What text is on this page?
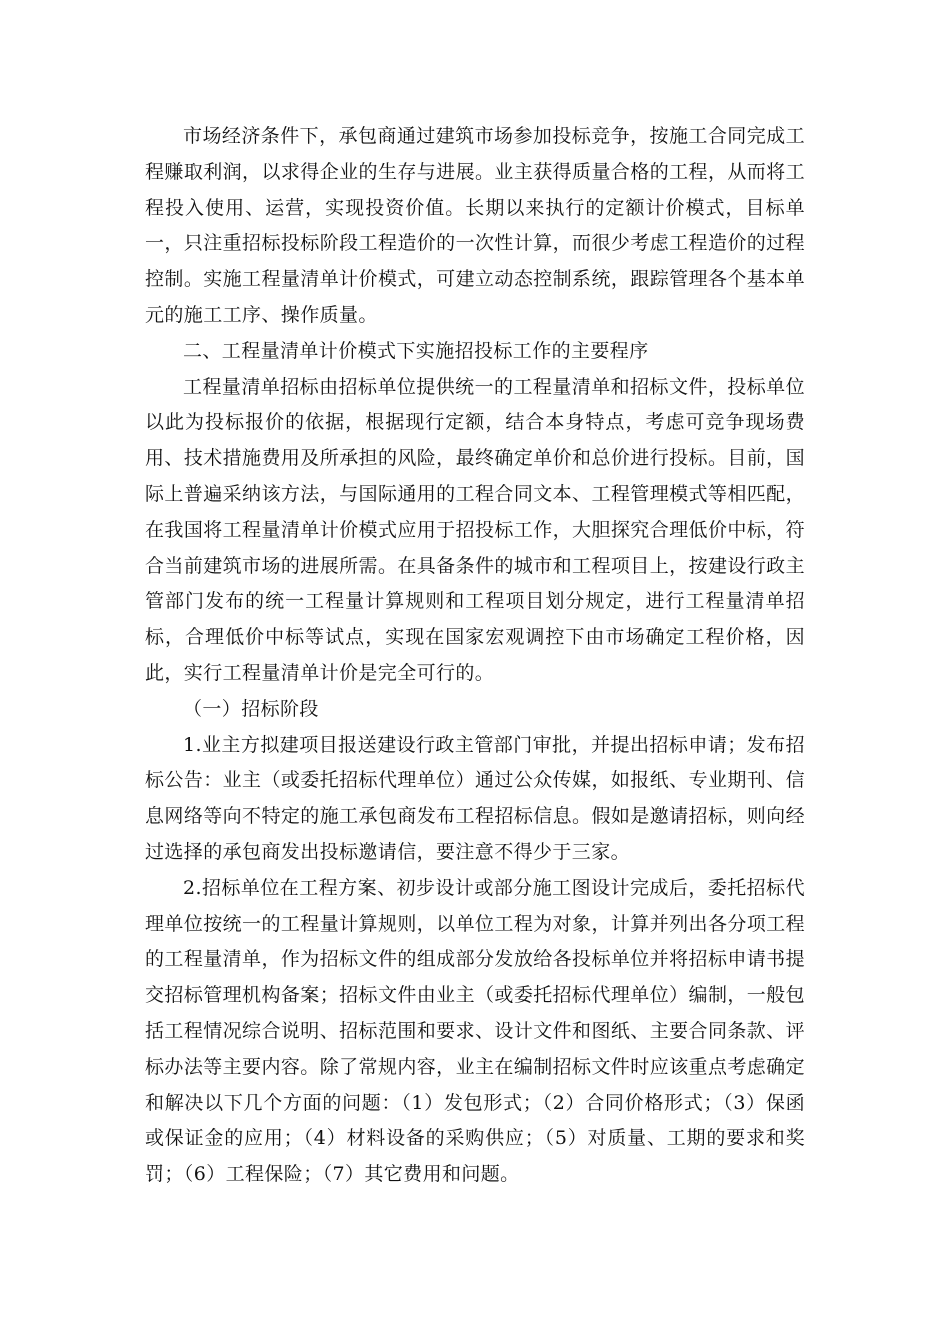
市场经济条件下，承包商通过建筑市场参加投标竞争，按施工合同完成工程赚取利润，以求得企业的生存与进展。业主获得质量合格的工程，从而将工程投入使用、运营，实现投资价值。长期以来执行的定额计价模式，目标单一，只注重招标投标阶段工程造价的一次性计算，而很少考虑工程造价的过程控制。实施工程量清单计价模式，可建立动态控制系统，跟踪管理各个基本单元的施工工序、操作质量。

二、工程量清单计价模式下实施招投标工作的主要程序

工程量清单招标由招标单位提供统一的工程量清单和招标文件，投标单位以此为投标报价的依据，根据现行定额，结合本身特点，考虑可竞争现场费用、技术措施费用及所承担的风险，最终确定单价和总价进行投标。目前，国际上普遍采纳该方法，与国际通用的工程合同文本、工程管理模式等相匹配，在我国将工程量清单计价模式应用于招投标工作，大胆探究合理低价中标，符合当前建筑市场的进展所需。在具备条件的城市和工程项目上，按建设行政主管部门发布的统一工程量计算规则和工程项目划分规定，进行工程量清单招标，合理低价中标等试点，实现在国家宏观调控下由市场确定工程价格，因此，实行工程量清单计价是完全可行的。

（一）招标阶段

1.业主方拟建项目报送建设行政主管部门审批，并提出招标申请；发布招标公告：业主（或委托招标代理单位）通过公众传媒，如报纸、专业期刊、信息网络等向不特定的施工承包商发布工程招标信息。假如是邀请招标，则向经过选择的承包商发出投标邀请信，要注意不得少于三家。

2.招标单位在工程方案、初步设计或部分施工图设计完成后，委托招标代理单位按统一的工程量计算规则，以单位工程为对象，计算并列出各分项工程的工程量清单，作为招标文件的组成部分发放给各投标单位并将招标申请书提交招标管理机构备案；招标文件由业主（或委托招标代理单位）编制，一般包括工程情况综合说明、招标范围和要求、设计文件和图纸、主要合同条款、评标办法等主要内容。除了常规内容，业主在编制招标文件时应该重点考虑确定和解决以下几个方面的问题：（1）发包形式；（2）合同价格形式；（3）保函或保证金的应用；（4）材料设备的采购供应；（5）对质量、工期的要求和奖罚；（6）工程保险；（7）其它费用和问题。
